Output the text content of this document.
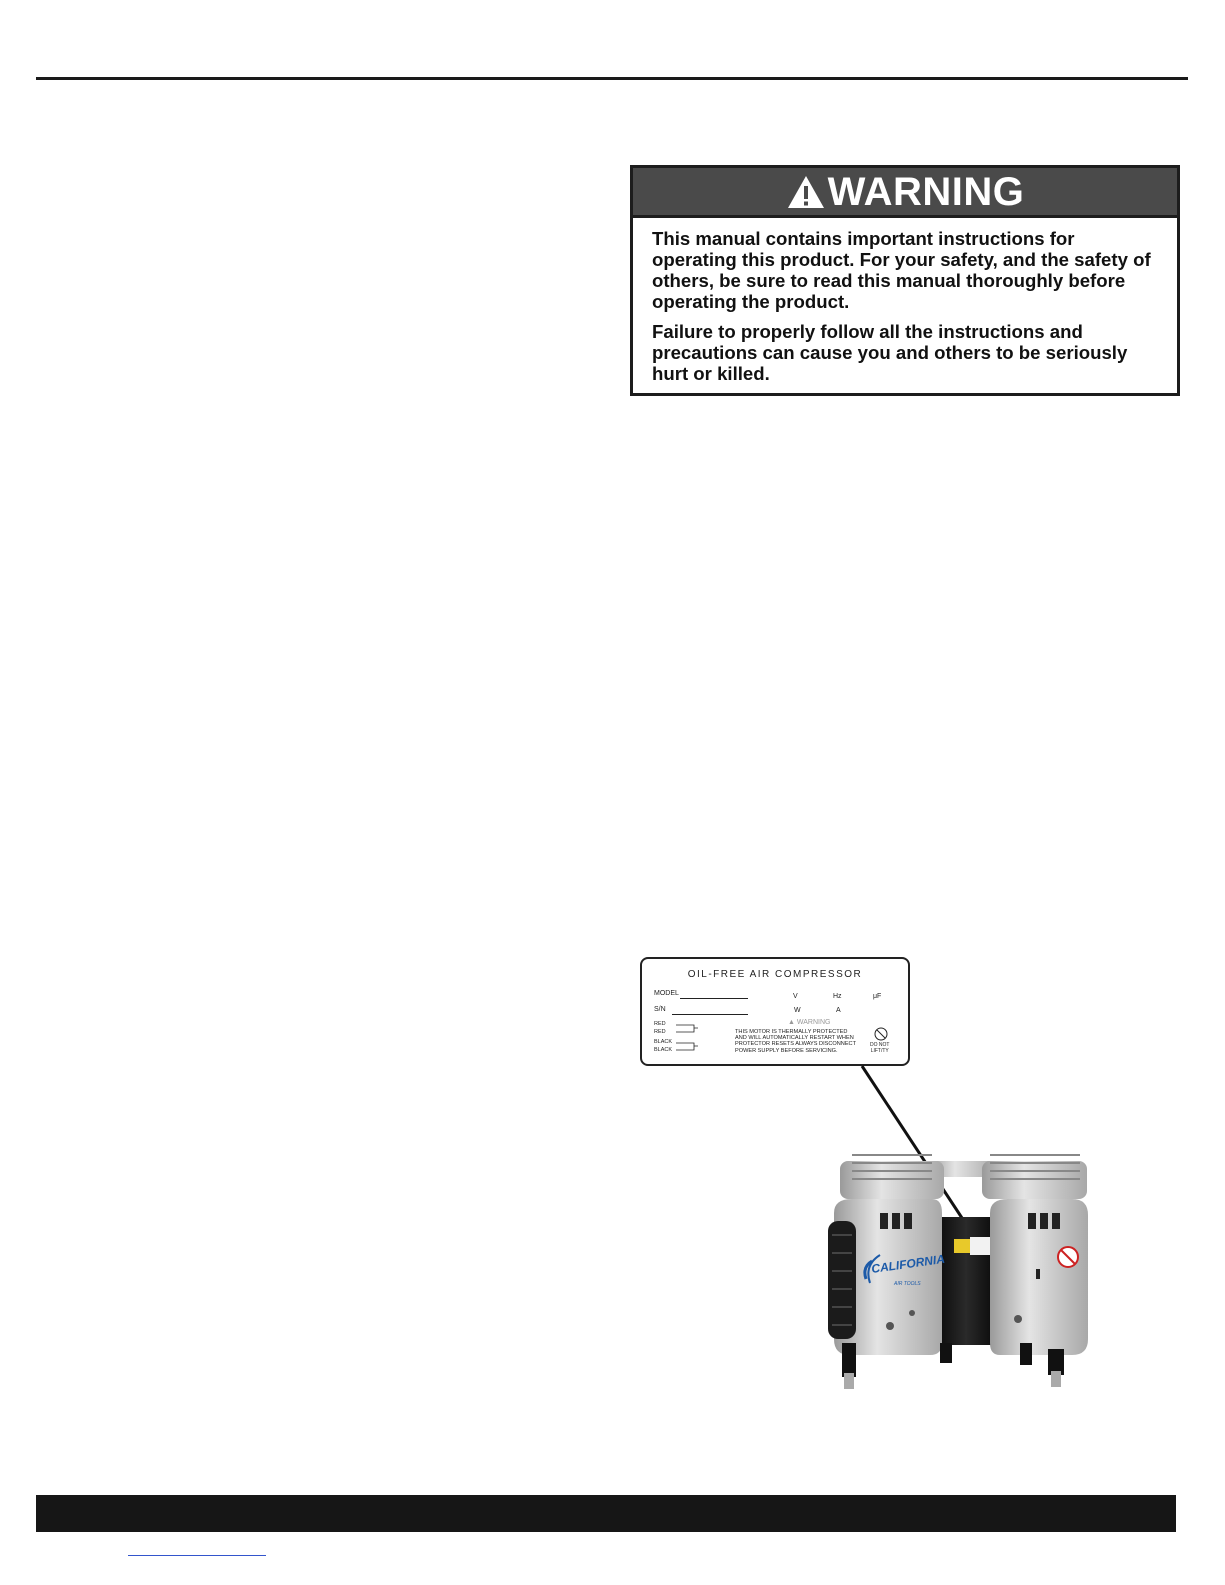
WARNING

This manual contains important instructions for operating this product. For your safety, and the safety of others, be sure to read this manual thoroughly before operating the product.

Failure to properly follow all the instructions and precautions can cause you and others to be seriously hurt or killed.

OIL-FREE AIR COMPRESSOR
MODEL
S/N
V	Hz	μF
W	A
RED
RED
BLACK
BLACK
▲ WARNING
THIS MOTOR IS THERMALLY PROTECTED
AND WILL AUTOMATICALLY RESTART WHEN
PROTECTOR RESETS ALWAYS DISCONNECT
POWER SUPPLY BEFORE SERVICING.
DO NOT
LIFT/TY
CALIFORNIA
AIR TOOLS
